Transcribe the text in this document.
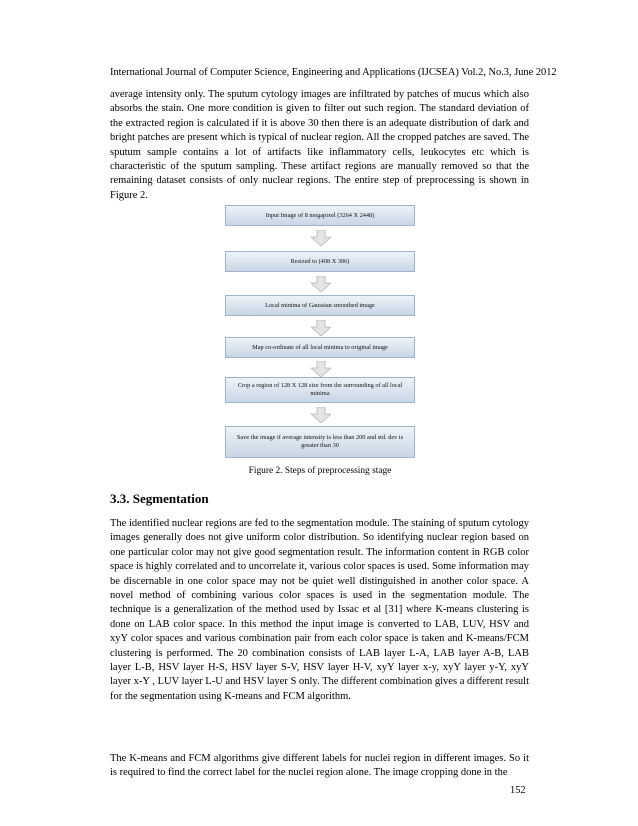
International Journal of Computer Science, Engineering and Applications (IJCSEA) Vol.2, No.3, June 2012

average intensity only. The sputum cytology images are infiltrated by patches of mucus which also absorbs the stain. One more condition is given to filter out such region. The standard deviation of the extracted region is calculated if it is above 30 then there is an adequate distribution of dark and bright patches are present which is typical of nuclear region. All the cropped patches are saved. The sputum sample contains a lot of artifacts like inflammatory cells, leukocytes etc which is characteristic of the sputum sampling. These artifact regions are manually removed so that the remaining dataset consists of only nuclear regions. The entire step of preprocessing is shown in Figure 2.

Input Image of 8 megapixel (3264 X 2448)
Resized to (408 X 306)
Local minima of Gaussian smoothed image
Map co-ordinate of all local minima to original image
Crop a region of 128 X 128 size from the surrounding of all local minima
Save the image if average intensity is less than 200 and std. dev is greater than 30
Figure 2. Steps of preprocessing stage
3.3. Segmentation

The identified nuclear regions are fed to the segmentation module. The staining of sputum cytology images generally does not give uniform color distribution. So identifying nuclear region based on one particular color may not give good segmentation result. The information content in RGB color space is highly correlated and to uncorrelate it, various color spaces is used. Some information may be discernable in one color space may not be quiet well distinguished in another color space. A novel method of combining various color spaces is used in the segmentation module. The technique is a generalization of the method used by Issac et al [31] where K-means clustering is done on LAB color space. In this method the input image is converted to LAB, LUV, HSV and xyY color spaces and various combination pair from each color space is taken and K-means/FCM clustering is performed. The 20 combination consists of LAB layer L-A, LAB layer A-B, LAB layer L-B, HSV layer H-S, HSV layer S-V, HSV layer H-V, xyY layer x-y, xyY layer y-Y, xyY layer x-Y , LUV layer L-U and HSV layer S only. The different combination gives a different result for the segmentation using K-means and FCM algorithm.

The K-means and FCM algorithms give different labels for nuclei region in different images. So it is required to find the correct label for the nuclei region alone. The image cropping done in the

152
